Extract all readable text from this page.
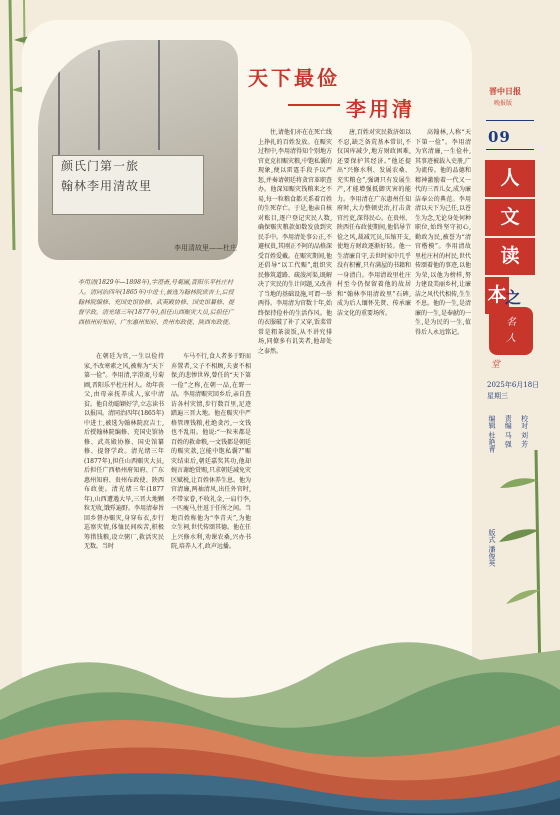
颜氏门第一旅
翰林李用清故里
李用清故里——杜庄
天下最俭
李用清
李用清(1829年—1898年),字澄斋,号菊圃,晋阳乐平杜庄村人。清同治四年(1865年)中进士,被选为翰林院庶吉士,后授翰林院编修、充国史馆协修、武英殿协修、国史馆纂修、提督学政。清光绪三年(1877年),担任山西赈灾大员,后担任广西梧州府知府、广东惠州知府、贵州布政使、陕西布政使。

在朝廷为官,一生以俭持家,不改寒素之风,被称为“天下第一俭”。李用清,字澄斋,号菊圃,晋阳乐平杜庄村人。幼年丧父,由母亲抚养成人,家中清贫。他自幼聪颖好学,立志读书以报国。清同治四年(1865年)中进士,被选为翰林院庶吉士,后授翰林院编修、充国史馆协修、武英殿协修、国史馆纂修、提督学政。清光绪三年(1877年),担任山西赈灾大员,后担任广西梧州府知府、广东惠州知府、贵州布政使、陕西布政使。清光绪三年(1877年),山西遭遇大旱,三晋大地颗粒无收,饿殍遍野。李用清奉旨回乡督办赈灾,身穿布衣,步行巡察灾情,体恤民间疾苦,积极筹措钱粮,设立粥厂,救活灾民无数。当时

车马不行,食人者多于野而弃置者,父子不相顾,夫妻不相保,的悲惨世界,曾任的“天下第一俭”之称,在朝一品,在野一品。李用清赈灾回乡后,亲自查访各村灾情,步行数百里,足迹踏遍三晋大地。他在赈灾中严格管理钱粮,杜绝贪污,一文钱也不乱用。他说:“一粒米都是百姓的救命粮,一文钱都是朝廷的赈灾款,岂能中饱私囊?”赈灾结束后,朝廷嘉奖其功,他却婉言谢绝赏赐,只求朝廷减免灾区赋税,让百姓休养生息。他为官清廉,两袖清风,出任外官时,不带家眷,不收礼金,一肩行李,一匹瘦马,往返于任所之间。当地百姓称他为“李青天”,为他立生祠,世代传颂其德。他在任上兴修水利,劝课农桑,兴办书院,培养人才,政声远播。

住,请他们亦在在死亡线上挣扎的百姓发放。在赈灾过程中,李用清得知个别地方官吏克扣赈灾粮,中饱私囊的现象,便以雷霆手段予以严惩,并奏请朝廷将贪官革职查办。他深知赈灾钱粮来之不易,每一粒粮食都关系着百姓的生死存亡。于是,他亲自核对账目,逐户登记灾民人数,确保赈灾粮款如数发放到灾民手中。李用清处事公正,不避权贵,其刚正不阿的品格深受百姓爱戴。在赈灾期间,他还倡导“以工代赈”,组织灾民修筑道路、疏浚河渠,既解决了灾民的生计问题,又改善了当地的基础设施,可谓一举两得。李用清为官数十年,始终保持俭朴的生活作风。他的衣服破了补了又穿,饭菜常常是粗茶淡饭,从不讲究排场,同僚多有讥笑者,他却处之泰然。

唐,百姓对灾民救济如以不忍,缺乏备荒基本常识,不仅国库减少,地方财政困难,还要保护其经济。”他还提出“兴修水利、发展农桑、充实粮仓”,强调只有发展生产,才能增强抵御灾害的能力。李用清在广东惠州任知府时,大力整顿吏治,打击贪官污吏,深得民心。在贵州、陕西任布政使期间,他倡导节俭之风,裁减冗员,压缩开支,使地方财政逐渐好转。他一生清廉自守,去世时家中几乎没有积蓄,只有满屋的书籍和一身清白。李用清故里杜庄村至今仍保留着他的故居和“翰林李用清故里”石碑,成为后人缅怀先贤、传承廉洁文化的重要场所。

高翰林,人称“天下第一俭”。李用清为官清廉,一生俭朴,其事迹被载入史册,广为流传。他的品德和精神激励着一代又一代的三晋儿女,成为廉洁奉公的典范。李用清以天下为己任,以苍生为念,无论身处何种职位,始终坚守初心,勤政为民,被誉为“清官楷模”。李用清故里杜庄村的村民,世代传颂着他的事迹,以他为荣,以他为榜样,努力建设美丽乡村,让廉洁之风代代相传,生生不息。他的一生,是清廉的一生,是奉献的一生,是为民的一生,值得后人永远铭记。

晋中日报
晚报版
09
人
文
读
本
之
名
人
堂
2025年6月18日
星期三
编辑 杜艳青 责编 马 强 校对 刘 芳 版式 潘俊英
